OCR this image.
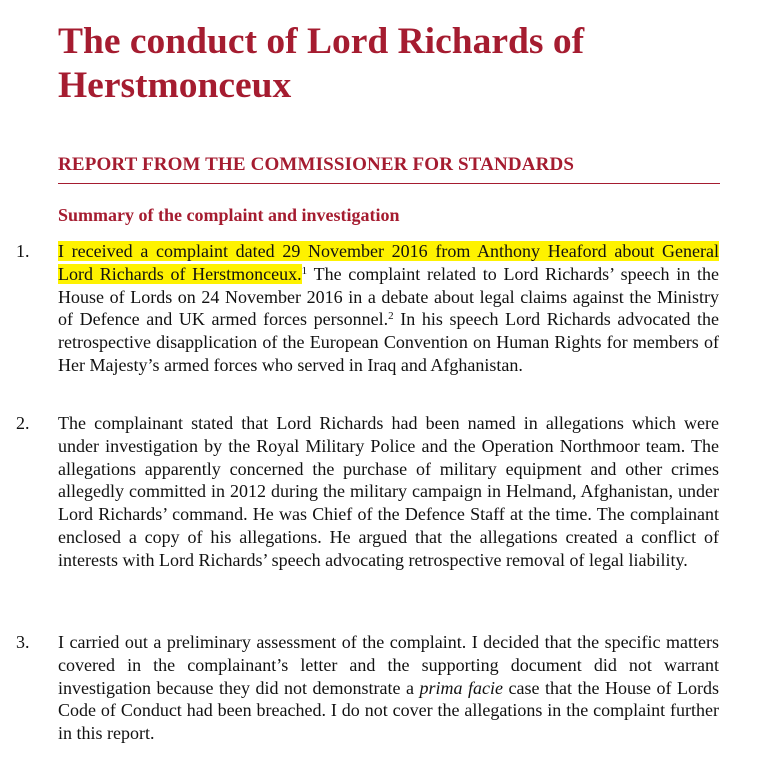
The conduct of Lord Richards of Herstmonceux
REPORT FROM THE COMMISSIONER FOR STANDARDS
Summary of the complaint and investigation
1.	I received a complaint dated 29 November 2016 from Anthony Heaford about General Lord Richards of Herstmonceux.$^1$ The complaint related to Lord Richards’ speech in the House of Lords on 24 November 2016 in a debate about legal claims against the Ministry of Defence and UK armed forces personnel.$^2$ In his speech Lord Richards advocated the retrospective disapplication of the European Convention on Human Rights for members of Her Majesty’s armed forces who served in Iraq and Afghanistan.
2.	The complainant stated that Lord Richards had been named in allegations which were under investigation by the Royal Military Police and the Operation Northmoor team. The allegations apparently concerned the purchase of military equipment and other crimes allegedly committed in 2012 during the military campaign in Helmand, Afghanistan, under Lord Richards’ command. He was Chief of the Defence Staff at the time. The complainant enclosed a copy of his allegations. He argued that the allegations created a conflict of interests with Lord Richards’ speech advocating retrospective removal of legal liability.
3.	I carried out a preliminary assessment of the complaint. I decided that the specific matters covered in the complainant’s letter and the supporting document did not warrant investigation because they did not demonstrate a prima facie case that the House of Lords Code of Conduct had been breached. I do not cover the allegations in the complaint further in this report.
